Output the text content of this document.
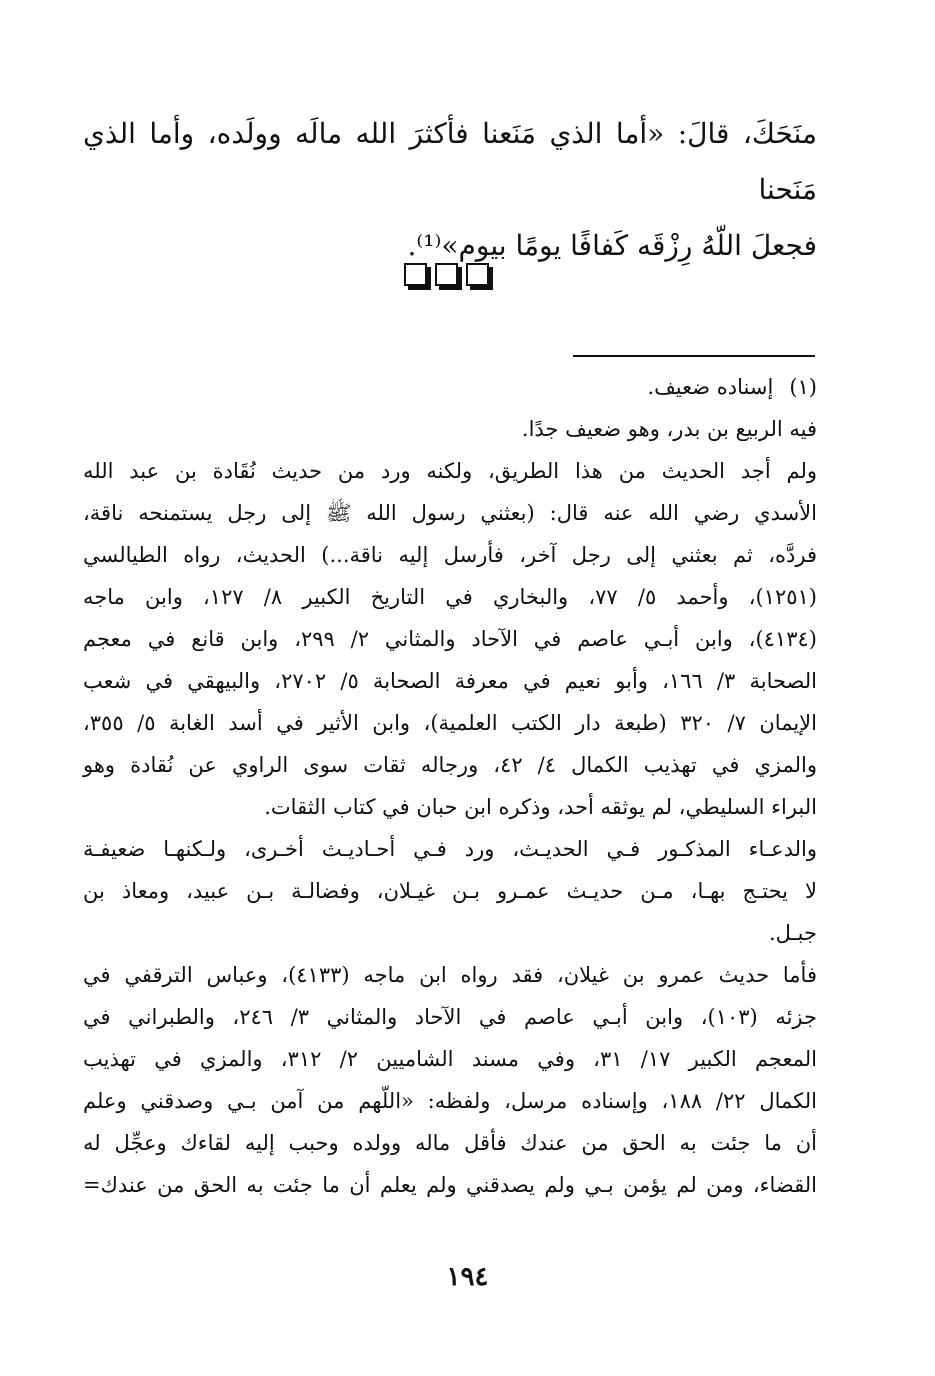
منَحَكَ، قالَ: «أما الذي مَنَعنا فأكثرَ الله مالَه وولَده، وأما الذي مَنَحنا
فجعلَ اللّهُ رِزْقَه كَفافًا يومًا بيوم»⁽¹⁾.
(١)
إسناده ضعيف.
فيه الربيع بن بدر، وهو ضعيف جدًا.
ولم أجد الحديث من هذا الطريق، ولكنه ورد من حديث نُقَادة بن عبد الله
الأسدي رضي الله عنه قال: (بعثني رسول الله ﷺ إلى رجل يستمنحه ناقة،
فردَّه، ثم بعثني إلى رجل آخر، فأرسل إليه ناقة...) الحديث، رواه الطيالسي
(١٢٥١)، وأحمد ٥/ ٧٧، والبخاري في التاريخ الكبير ٨/ ١٢٧، وابن ماجه
(٤١٣٤)، وابن أبـي عاصم في الآحاد والمثاني ٢/ ٢٩٩، وابن قانع في معجم
الصحابة ٣/ ١٦٦، وأبو نعيم في معرفة الصحابة ٥/ ٢٧٠٢، والبيهقي في شعب
الإيمان ٧/ ٣٢٠ (طبعة دار الكتب العلمية)، وابن الأثير في أسد الغابة ٥/ ٣٥٥،
والمزي في تهذيب الكمال ٤/ ٤٢، ورجاله ثقات سوى الراوي عن نُقادة وهو
البراء السليطي، لم يوثقه أحد، وذكره ابن حبان في كتاب الثقات.
والدعـاء المذكـور فـي الحديـث، ورد فـي أحـاديـث أخـرى، ولـكنهـا ضعيفـة
لا يحتـج بهـا، مـن حديـث عمـرو بـن غيـلان، وفضالـة بـن عبيد، ومعاذ بن
جبـل.
فأما حديث عمرو بن غيلان، فقد رواه ابن ماجه (٤١٣٣)، وعباس الترقفي في
جزئه (١٠٣)، وابن أبـي عاصم في الآحاد والمثاني ٣/ ٢٤٦، والطبراني في
المعجم الكبير ١٧/ ٣١، وفي مسند الشاميين ٢/ ٣١٢، والمزي في تهذيب
الكمال ٢٢/ ١٨٨، وإسناده مرسل، ولفظه: «اللّهم من آمن بـي وصدقني وعلم
أن ما جئت به الحق من عندك فأقل ماله وولده وحبب إليه لقاءك وعجِّل له
القضاء، ومن لم يؤمن بـي ولم يصدقني ولم يعلم أن ما جئت به الحق من عندك=
١٩٤
